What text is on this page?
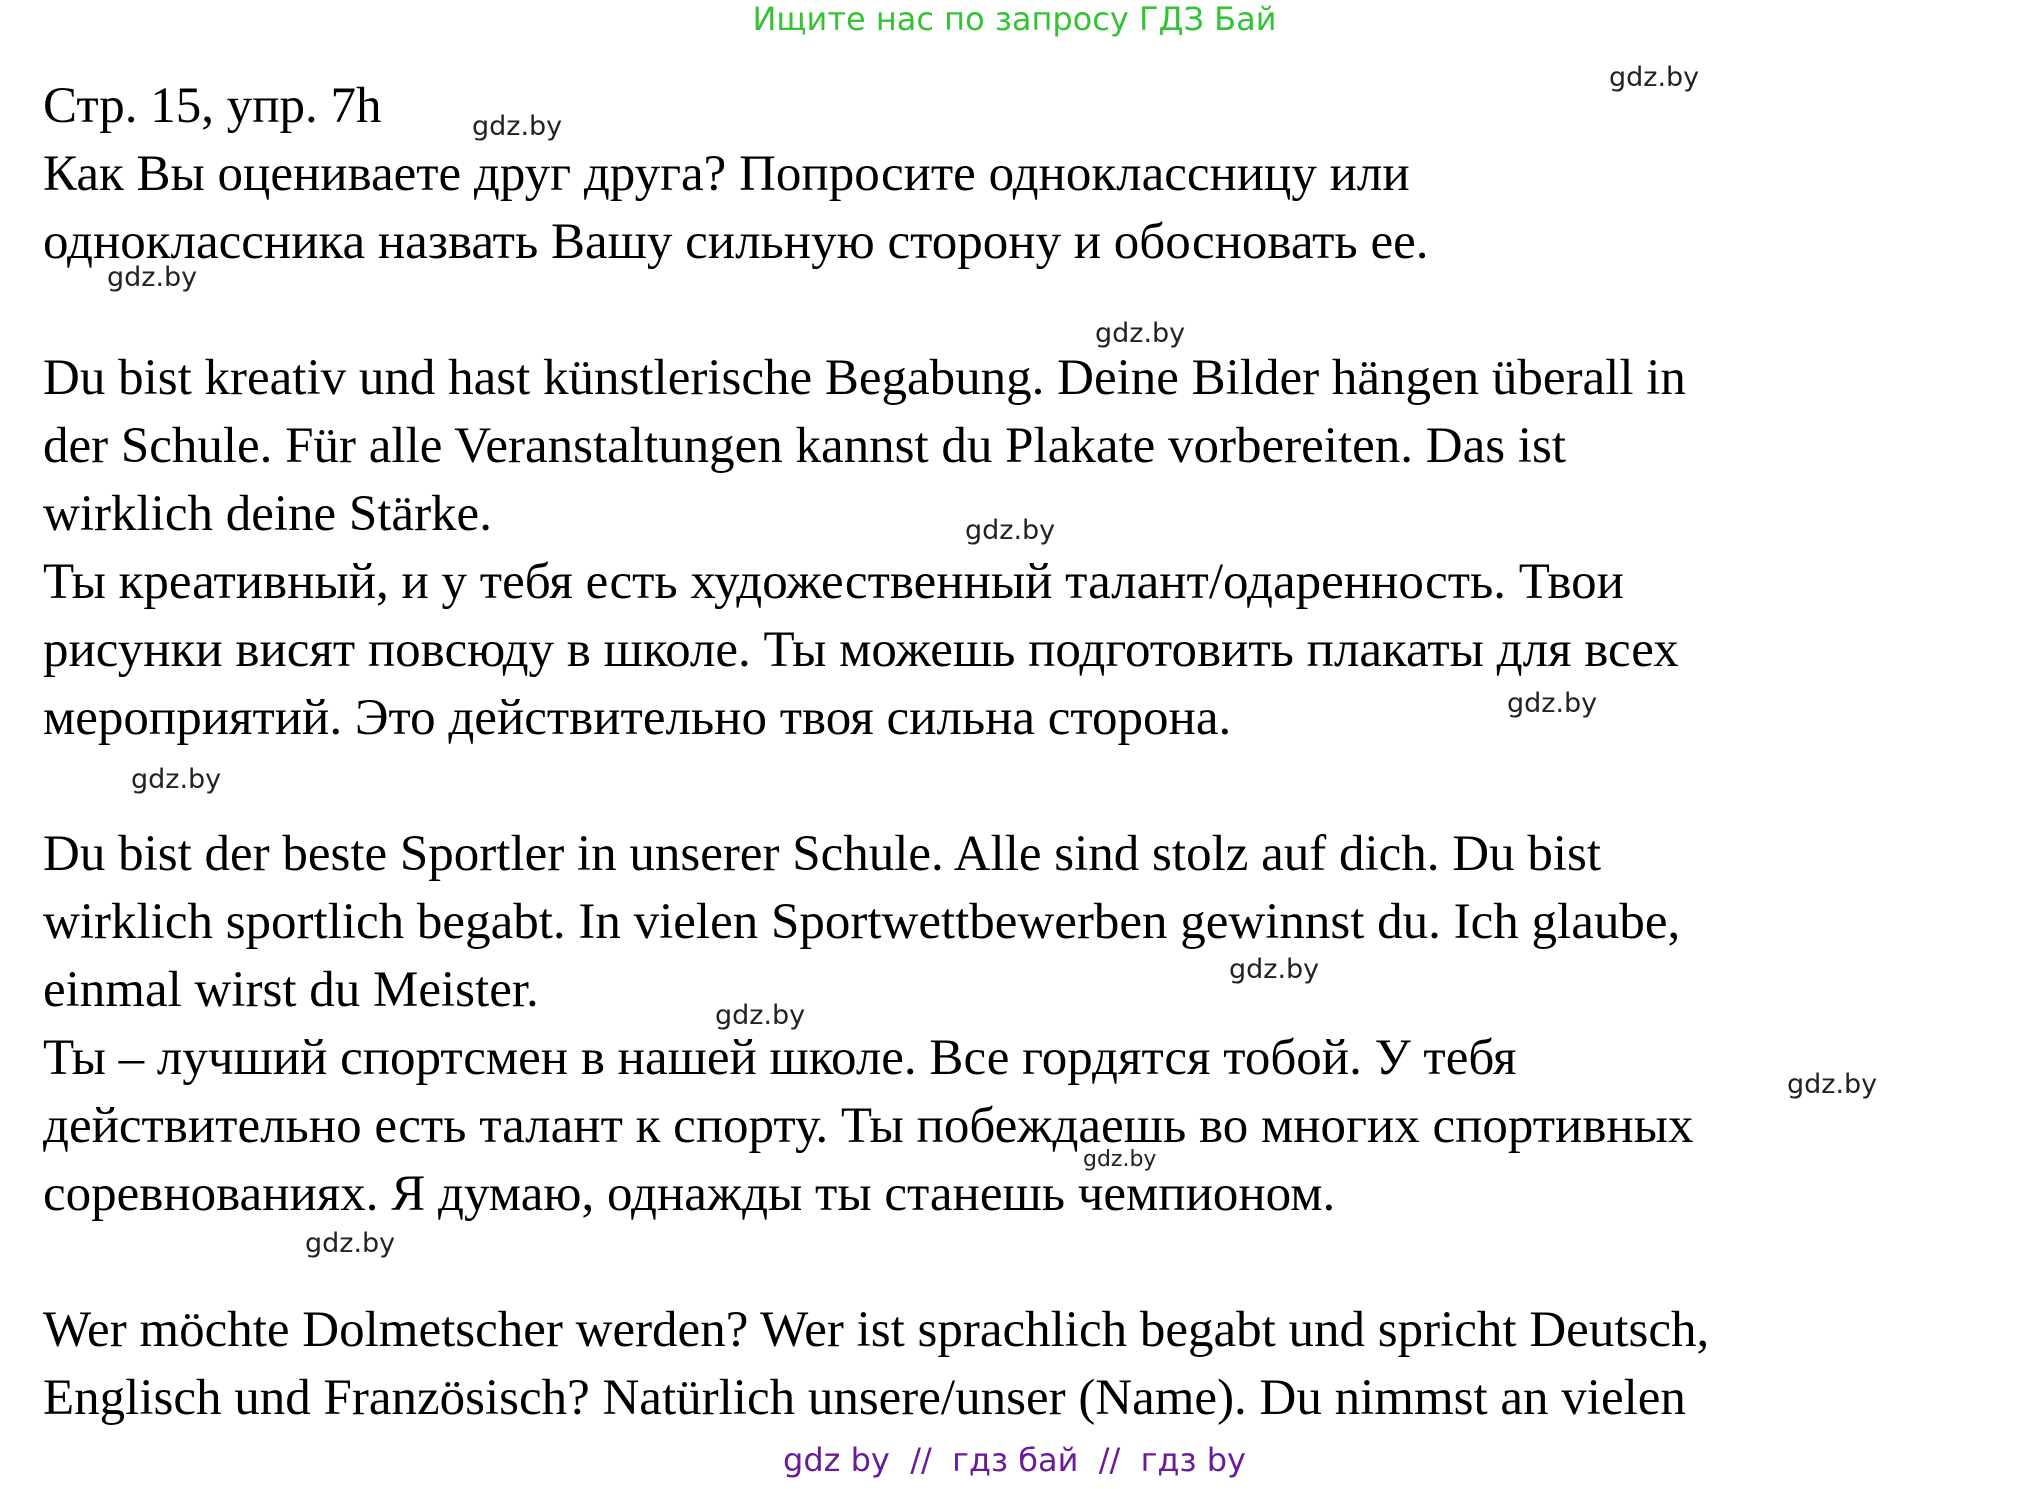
Ищите нас по запросу ГДЗ Бай
Стр. 15, упр. 7h
Как Вы оцениваете друг друга? Попросите одноклассницу или
одноклассника назвать Вашу сильную сторону и обосновать ее.
Du bist kreativ und hast künstlerische Begabung. Deine Bilder hängen überall in
der Schule. Für alle Veranstaltungen kannst du Plakate vorbereiten. Das ist
wirklich deine Stärke.
Ты креативный, и у тебя есть художественный талант/одаренность. Твои
рисунки висят повсюду в школе. Ты можешь подготовить плакаты для всех
мероприятий. Это действительно твоя сильна сторона.
Du bist der beste Sportler in unserer Schule. Alle sind stolz auf dich. Du bist
wirklich sportlich begabt. In vielen Sportwettbewerben gewinnst du. Ich glaube,
einmal wirst du Meister.
Ты – лучший спортсмен в нашей школе. Все гордятся тобой. У тебя
действительно есть талант к спорту. Ты побеждаешь во многих спортивных
соревнованиях. Я думаю, однажды ты станешь чемпионом.
Wer möchte Dolmetscher werden? Wer ist sprachlich begabt und spricht Deutsch,
Englisch und Französisch? Natürlich unsere/unser (Name). Du nimmst an vielen
gdz.by
gdz.by
gdz.by
gdz.by
gdz.by
gdz.by
gdz.by
gdz.by
gdz.by
gdz.by
gdz.by
gdz.by
gdz by // гдз бай // гдз by
